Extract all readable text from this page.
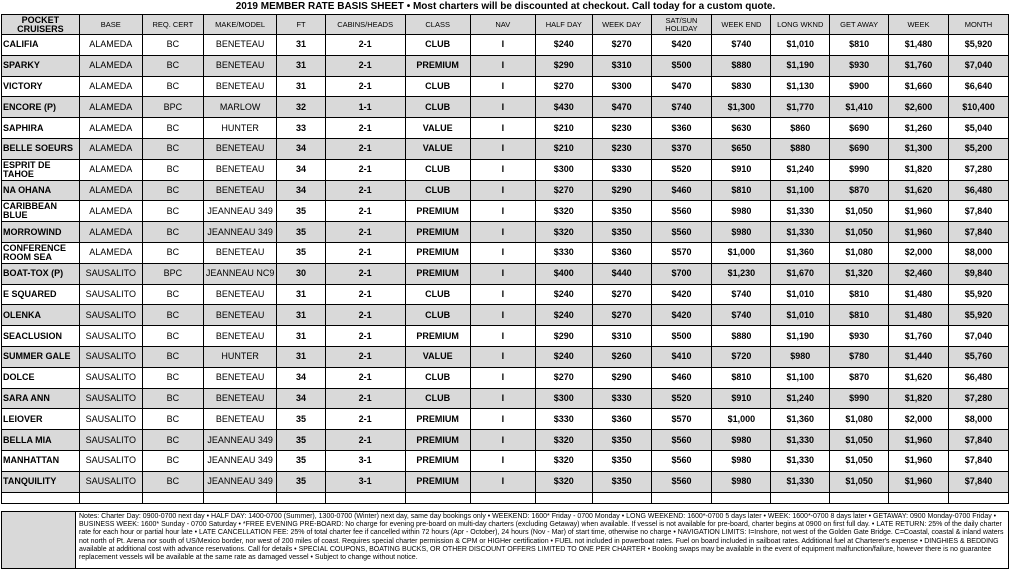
2019 MEMBER RATE BASIS SHEET • Most charters will be discounted at checkout. Call today for a custom quote.
POCKET CRUISERS	BASE	REQ. CERT	MAKE/MODEL	FT	CABINS/HEADS	CLASS	NAV	HALF DAY	WEEK DAY	SAT/SUN HOLIDAY	WEEK END	LONG WKND	GET AWAY	WEEK	MONTH
CALIFIA	ALAMEDA	BC	BENETEAU	31	2-1	CLUB	I	$240	$270	$420	$740	$1,010	$810	$1,480	$5,920
SPARKY	ALAMEDA	BC	BENETEAU	31	2-1	PREMIUM	I	$290	$310	$500	$880	$1,190	$930	$1,760	$7,040
VICTORY	ALAMEDA	BC	BENETEAU	31	2-1	CLUB	I	$270	$300	$470	$830	$1,130	$900	$1,660	$6,640
ENCORE (P)	ALAMEDA	BPC	MARLOW	32	1-1	CLUB	I	$430	$470	$740	$1,300	$1,770	$1,410	$2,600	$10,400
SAPHIRA	ALAMEDA	BC	HUNTER	33	2-1	VALUE	I	$210	$230	$360	$630	$860	$690	$1,260	$5,040
BELLE SOEURS	ALAMEDA	BC	BENETEAU	34	2-1	VALUE	I	$210	$230	$370	$650	$880	$690	$1,300	$5,200
ESPRIT DE TAHOE	ALAMEDA	BC	BENETEAU	34	2-1	CLUB	I	$300	$330	$520	$910	$1,240	$990	$1,820	$7,280
NA OHANA	ALAMEDA	BC	BENETEAU	34	2-1	CLUB	I	$270	$290	$460	$810	$1,100	$870	$1,620	$6,480
CARIBBEAN BLUE	ALAMEDA	BC	JEANNEAU 349	35	2-1	PREMIUM	I	$320	$350	$560	$980	$1,330	$1,050	$1,960	$7,840
MORROWIND	ALAMEDA	BC	JEANNEAU 349	35	2-1	PREMIUM	I	$320	$350	$560	$980	$1,330	$1,050	$1,960	$7,840
CONFERENCE ROOM SEA	ALAMEDA	BC	BENETEAU	35	2-1	PREMIUM	I	$330	$360	$570	$1,000	$1,360	$1,080	$2,000	$8,000
BOAT-TOX (P)	SAUSALITO	BPC	JEANNEAU NC9	30	2-1	PREMIUM	I	$400	$440	$700	$1,230	$1,670	$1,320	$2,460	$9,840
E SQUARED	SAUSALITO	BC	BENETEAU	31	2-1	CLUB	I	$240	$270	$420	$740	$1,010	$810	$1,480	$5,920
OLENKA	SAUSALITO	BC	BENETEAU	31	2-1	CLUB	I	$240	$270	$420	$740	$1,010	$810	$1,480	$5,920
SEACLUSION	SAUSALITO	BC	BENETEAU	31	2-1	PREMIUM	I	$290	$310	$500	$880	$1,190	$930	$1,760	$7,040
SUMMER GALE	SAUSALITO	BC	HUNTER	31	2-1	VALUE	I	$240	$260	$410	$720	$980	$780	$1,440	$5,760
DOLCE	SAUSALITO	BC	BENETEAU	34	2-1	CLUB	I	$270	$290	$460	$810	$1,100	$870	$1,620	$6,480
SARA ANN	SAUSALITO	BC	BENETEAU	34	2-1	CLUB	I	$300	$330	$520	$910	$1,240	$990	$1,820	$7,280
LEIOVER	SAUSALITO	BC	BENETEAU	35	2-1	PREMIUM	I	$330	$360	$570	$1,000	$1,360	$1,080	$2,000	$8,000
BELLA MIA	SAUSALITO	BC	JEANNEAU 349	35	2-1	PREMIUM	I	$320	$350	$560	$980	$1,330	$1,050	$1,960	$7,840
MANHATTAN	SAUSALITO	BC	JEANNEAU 349	35	3-1	PREMIUM	I	$320	$350	$560	$980	$1,330	$1,050	$1,960	$7,840
TANQUILITY	SAUSALITO	BC	JEANNEAU 349	35	3-1	PREMIUM	I	$320	$350	$560	$980	$1,330	$1,050	$1,960	$7,840

Notes: Charter Day: 0900-0700 next day • HALF DAY: 1400-0700 (Summer), 1300-0700 (Winter) next day, same day bookings only • WEEKEND: 1600* Friday - 0700 Monday • LONG WEEKEND: 1600*-0700 5 days later • WEEK: 1600*-0700 8 days later • GETAWAY: 0900 Monday-0700 Friday • BUSINESS WEEK: 1600* Sunday - 0700 Saturday • *FREE EVENING PRE-BOARD: No charge for evening pre-board on multi-day charters (excluding Getaway) when available. If vessel is not available for pre-board, charter begins at 0900 on first full day. • LATE RETURN: 25% of the daily charter rate for each hour or partial hour late • LATE CANCELLATION FEE: 25% of total charter fee if cancelled within 72 hours (Apr - October), 24 hours (Nov - Mar) of start time, otherwise no charge • NAVIGATION LIMITS: I=Inshore, not west of the Golden Gate Bridge. C=Coastal, coastal & inland waters not north of Pt. Arena nor south of US/Mexico border, nor west of 200 miles of coast. Requires special charter permission & CPM or HIGHer certification • FUEL not included in powerboat rates. Fuel on board included in sailboat rates. Additional fuel at Charterer's expense • DINGHIES & BEDDING available at additional cost with advance reservations. Call for details • SPECIAL COUPONS, BOATING BUCKS, OR OTHER DISCOUNT OFFERS LIMITED TO ONE PER CHARTER • Booking swaps may be available in the event of equipment malfunction/failure, however there is no guarantee replacement vessels will be available at the same rate as damaged vessel • Subject to change without notice.
